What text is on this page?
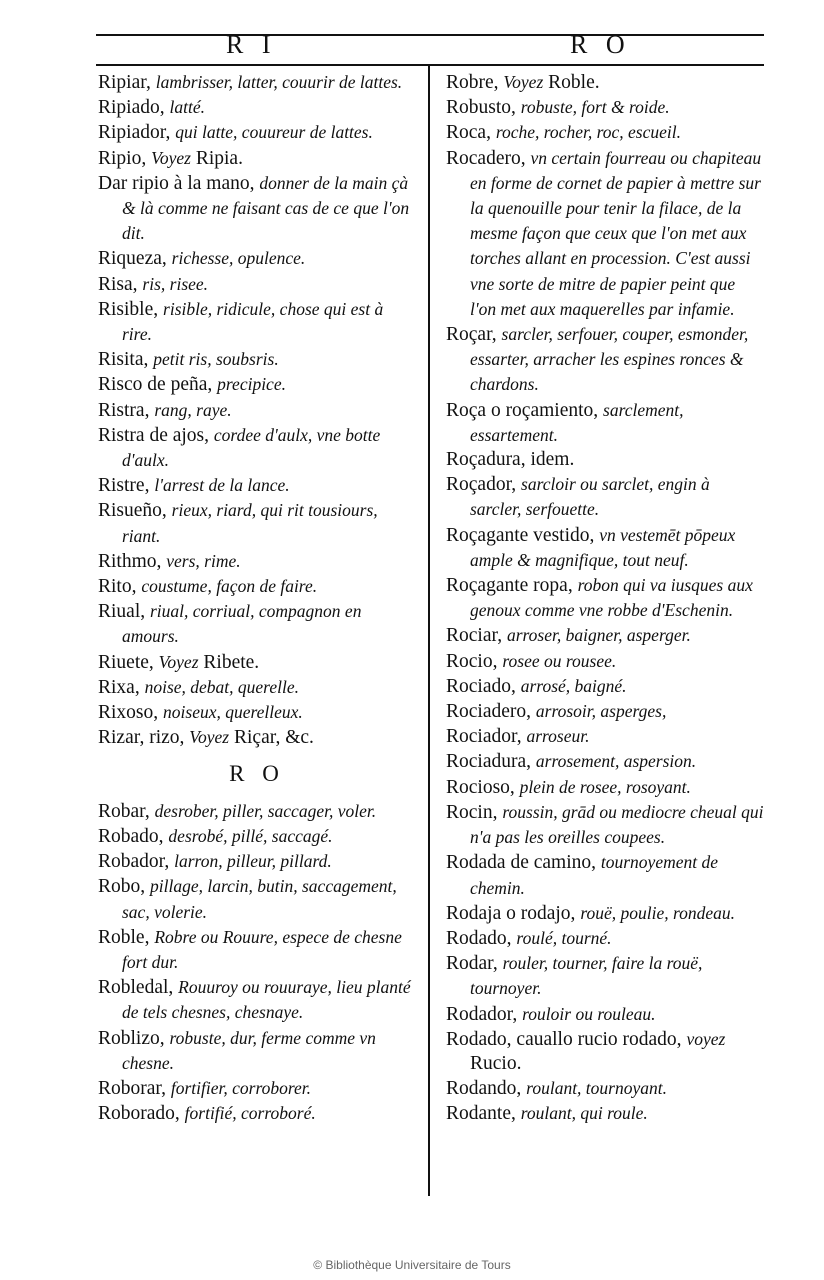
R I	R O

Ripiar, lambrisser, latter, couurir de lattes.

Ripiado, latté.

Ripiador, qui latte, couureur de lattes.

Ripio, Voyez Ripia.

Dar ripio à la mano, donner de la main çà & là comme ne faisant cas de ce que l'on dit.

Riqueza, richesse, opulence.

Risa, ris, risee.

Risible, risible, ridicule, chose qui est à rire.

Risita, petit ris, soubsris.

Risco de peña, precipice.

Ristra, rang, raye.

Ristra de ajos, cordee d'aulx, vne botte d'aulx.

Ristre, l'arrest de la lance.

Risueño, rieux, riard, qui rit tousiours, riant.

Rithmo, vers, rime.

Rito, coustume, façon de faire.

Riual, riual, corriual, compagnon en amours.

Riuete, Voyez Ribete.

Rixa, noise, debat, querelle.

Rixoso, noiseux, querelleux.

Rizar, rizo, Voyez Riçar, &c.

R O

Robar, desrober, piller, saccager, voler.

Robado, desrobé, pillé, saccagé.

Robador, larron, pilleur, pillard.

Robo, pillage, larcin, butin, saccagement, sac, volerie.

Roble, Robre ou Rouure, espece de chesne fort dur.

Robledal, Rouuroy ou rouuraye, lieu planté de tels chesnes, chesnaye.

Roblizo, robuste, dur, ferme comme vn chesne.

Roborar, fortifier, corroborer.

Roborado, fortifié, corroboré.

Robre, Voyez Roble.

Robusto, robuste, fort & roide.

Roca, roche, rocher, roc, escueil.

Rocadero, vn certain fourreau ou chapiteau en forme de cornet de papier à mettre sur la quenouille pour tenir la filace, de la mesme façon que ceux que l'on met aux torches allant en procession. C'est aussi vne sorte de mitre de papier peint que l'on met aux maquerelles par infamie.

Roçar, sarcler, serfouer, couper, esmonder, essarter, arracher les espines ronces & chardons.

Roça o roçamiento, sarclement, essartement.

Roçadura, idem.

Roçador, sarcloir ou sarclet, engin à sarcler, serfouette.

Roçagante vestido, vn vestemēt pōpeux ample & magnifique, tout neuf.

Roçagante ropa, robon qui va iusques aux genoux comme vne robbe d'Eschenin.

Rociar, arroser, baigner, asperger.

Rocio, rosee ou rousee.

Rociado, arrosé, baigné.

Rociadero, arrosoir, asperges,

Rociador, arroseur.

Rociadura, arrosement, aspersion.

Rocioso, plein de rosee, rosoyant.

Rocin, roussin, grād ou mediocre cheual qui n'a pas les oreilles coupees.

Rodada de camino, tournoyement de chemin.

Rodaja o rodajo, rouë, poulie, rondeau.

Rodado, roulé, tourné.

Rodar, rouler, tourner, faire la rouë, tournoyer.

Rodador, rouloir ou rouleau.

Rodado, cauallo rucio rodado, voyez Rucio.

Rodando, roulant, tournoyant.

Rodante, roulant, qui roule.

© Bibliothèque Universitaire de Tours
